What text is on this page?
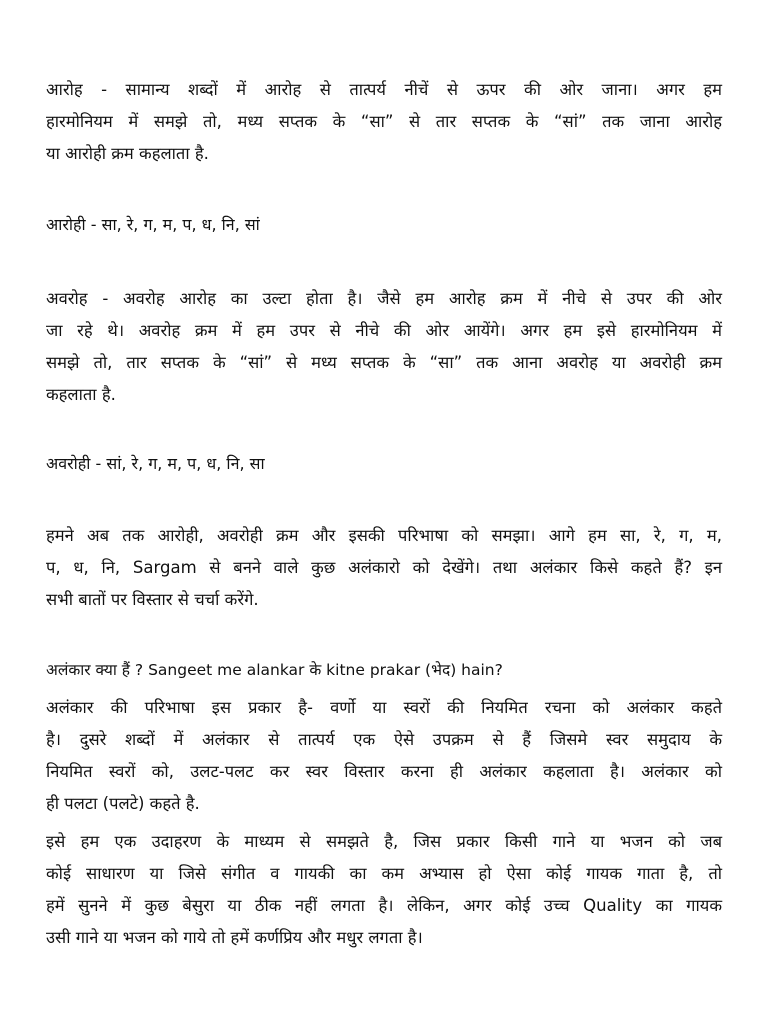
आरोह - सामान्य शब्दों में आरोह से तात्पर्य नीचें से ऊपर की ओर जाना। अगर हम
हारमोनियम में समझे तो, मध्य सप्तक के “सा” से तार सप्तक के “सां” तक जाना आरोह
या आरोही क्रम कहलाता है.

आरोही - सा, रे, ग, म, प, ध, नि, सां

अवरोह - अवरोह आरोह का उल्टा होता है। जैसे हम आरोह क्रम में नीचे से उपर की ओर
जा रहे थे। अवरोह क्रम में हम उपर से नीचे की ओर आयेंगे। अगर हम इसे हारमोनियम में
समझे तो, तार सप्तक के “सां” से मध्य सप्तक के “सा” तक आना अवरोह या अवरोही क्रम
कहलाता है.

अवरोही - सां, रे, ग, म, प, ध, नि, सा

हमने अब तक आरोही, अवरोही क्रम और इसकी परिभाषा को समझा। आगे हम सा, रे, ग, म,
प, ध, नि, Sargam से बनने वाले कुछ अलंकारो को देखेंगे। तथा अलंकार किसे कहते हैं? इन
सभी बातों पर विस्तार से चर्चा करेंगे.

अलंकार क्या हैं ? Sangeet me alankar के kitne prakar (भेद) hain?

अलंकार की परिभाषा इस प्रकार है- वर्णो या स्वरों की नियमित रचना को अलंकार कहते
है। दुसरे शब्दों में अलंकार से तात्पर्य एक ऐसे उपक्रम से हैं जिसमे स्वर समुदाय के
नियमित स्वरों को, उलट-पलट कर स्वर विस्तार करना ही अलंकार कहलाता है। अलंकार को
ही पलटा (पलटे) कहते है.

इसे हम एक उदाहरण के माध्यम से समझते है, जिस प्रकार किसी गाने या भजन को जब
कोई साधारण या जिसे संगीत व गायकी का कम अभ्यास हो ऐसा कोई गायक गाता है, तो
हमें सुनने में कुछ बेसुरा या ठीक नहीं लगता है। लेकिन, अगर कोई उच्च Quality का गायक
उसी गाने या भजन को गाये तो हमें कर्णप्रिय और मधुर लगता है।
